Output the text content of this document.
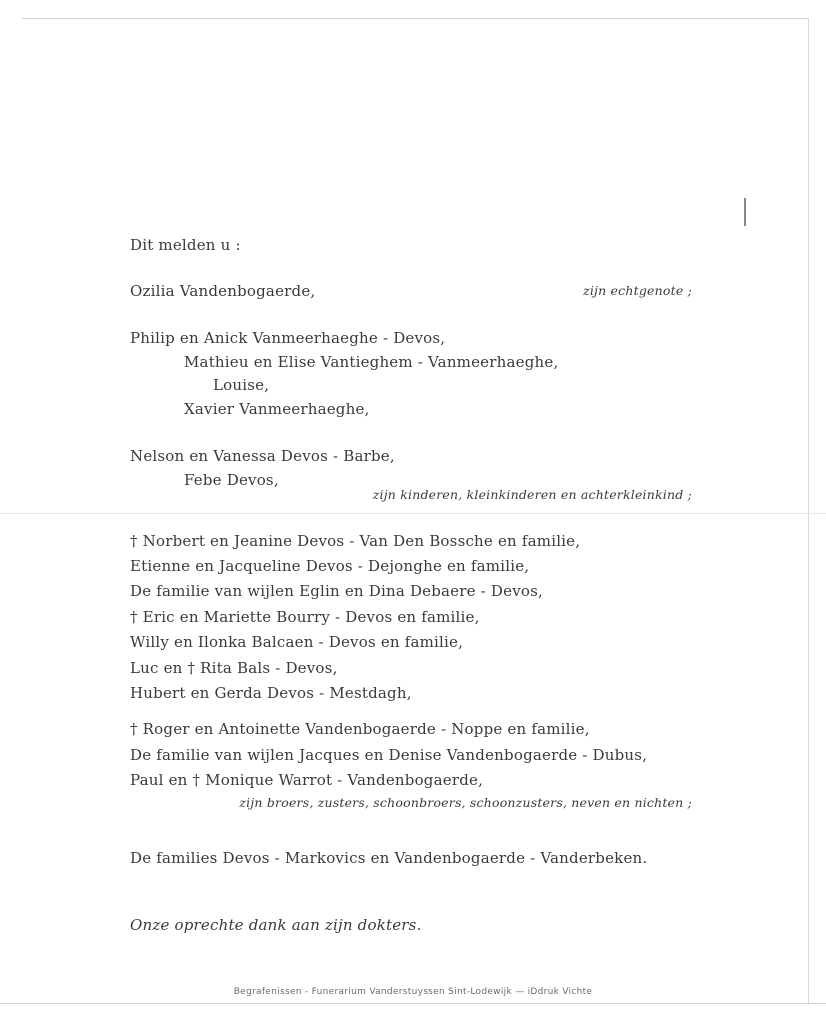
Dit melden u :
Ozilia Vandenbogaerde,	zijn echtgenote ;
Philip en Anick Vanmeerhaeghe - Devos,
Mathieu en Elise Vantieghem - Vanmeerhaeghe,
Louise,
Xavier Vanmeerhaeghe,
Nelson en Vanessa Devos - Barbe,
Febe Devos,
zijn kinderen, kleinkinderen en achterkleinkind ;
† Norbert en Jeanine Devos - Van Den Bossche en familie,
Etienne en Jacqueline Devos - Dejonghe en familie,
De familie van wijlen Eglin en Dina Debaere - Devos,
† Eric en Mariette Bourry - Devos en familie,
Willy en Ilonka Balcaen - Devos en familie,
Luc en † Rita Bals - Devos,
Hubert en Gerda Devos - Mestdagh,
† Roger en Antoinette Vandenbogaerde - Noppe en familie,
De familie van wijlen Jacques en Denise Vandenbogaerde - Dubus,
Paul en † Monique Warrot - Vandenbogaerde,
zijn broers, zusters, schoonbroers, schoonzusters, neven en nichten ;
De families Devos - Markovics en Vandenbogaerde - Vanderbeken.
Onze oprechte dank aan zijn dokters.
Begrafenissen - Funerarium Vanderstuyssen Sint-Lodewijk — iDdruk Vichte
